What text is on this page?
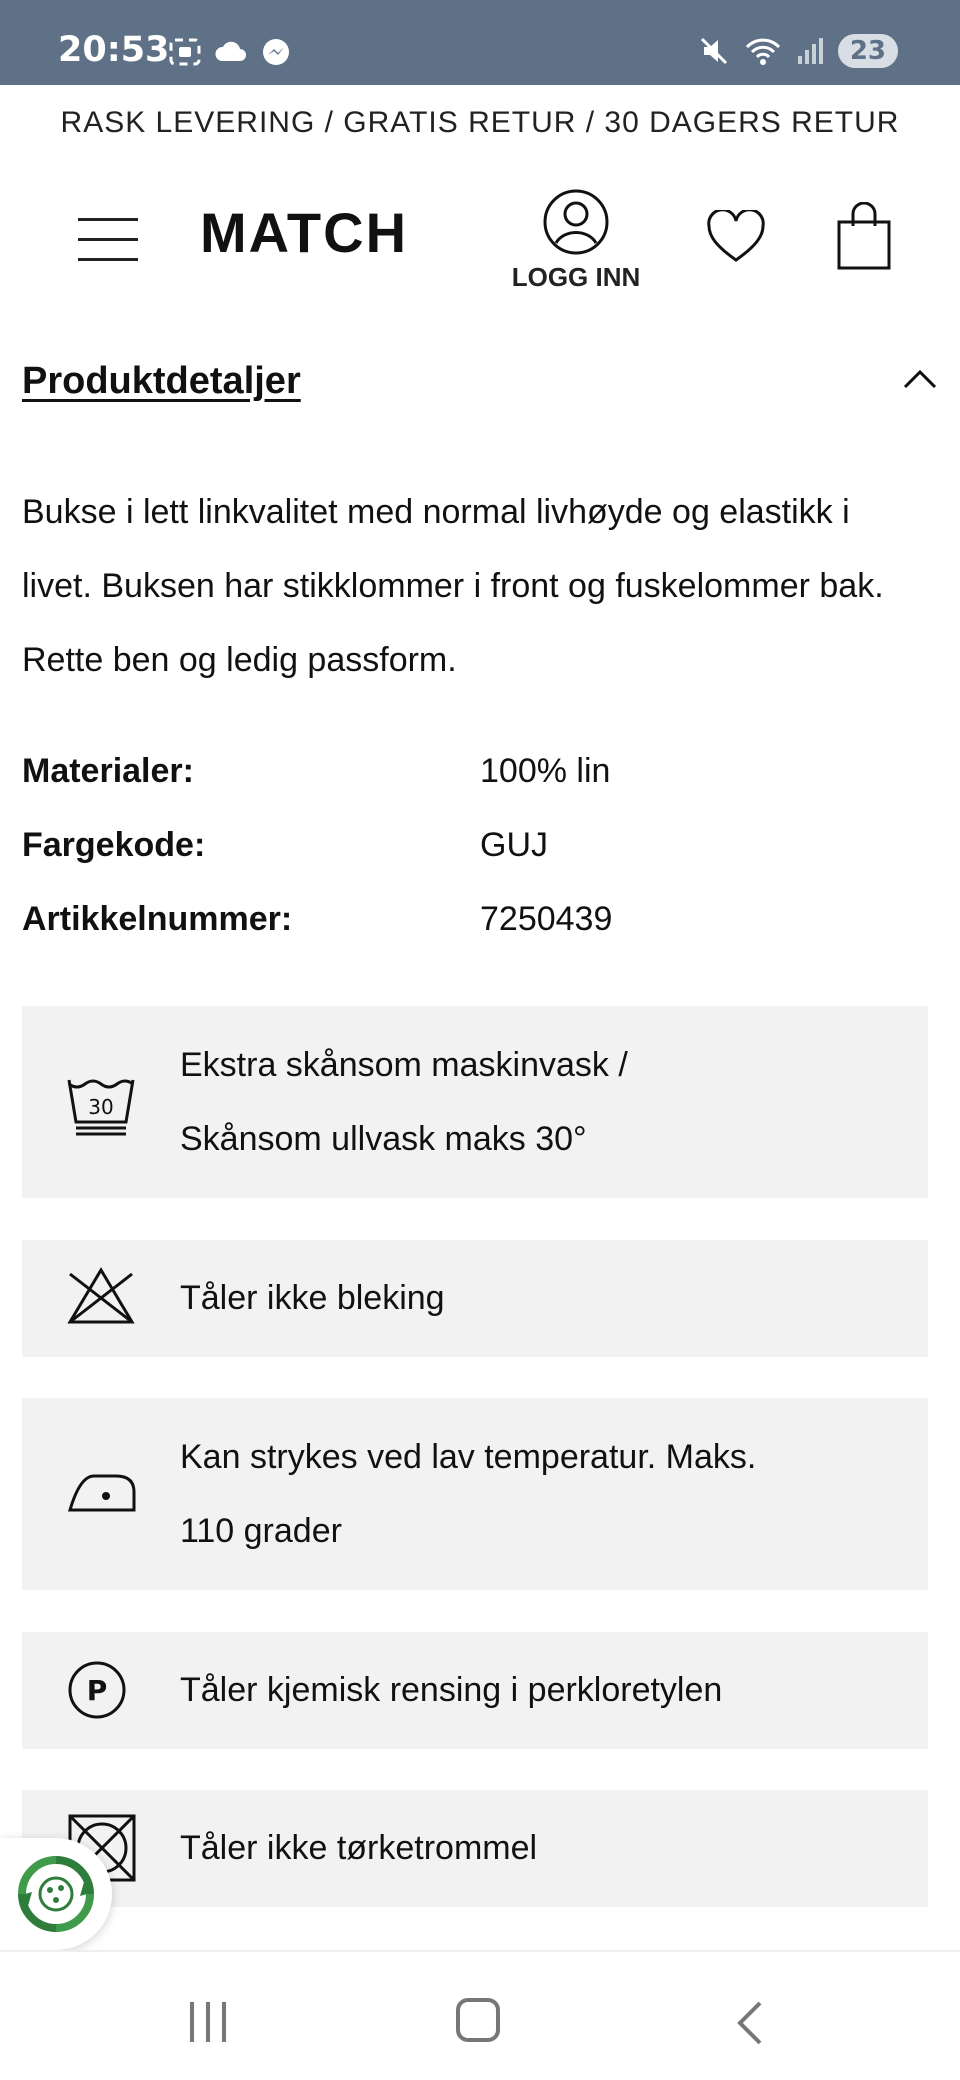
20:53	23
RASK LEVERING / GRATIS RETUR / 30 DAGERS RETUR
MATCH
LOGG INN
Produktdetaljer
Bukse i lett linkvalitet med normal livhøyde og elastikk i livet. Buksen har stikklommer i front og fuskelommer bak. Rette ben og ledig passform.
Materialer:	100% lin
Fargekode:	GUJ
Artikkelnummer:	7250439
30
Ekstra skånsom maskinvask /
Skånsom ullvask maks 30°
Tåler ikke bleking
Kan strykes ved lav temperatur. Maks.
110 grader
P Tåler kjemisk rensing i perkloretylen
Tåler ikke tørketrommel
